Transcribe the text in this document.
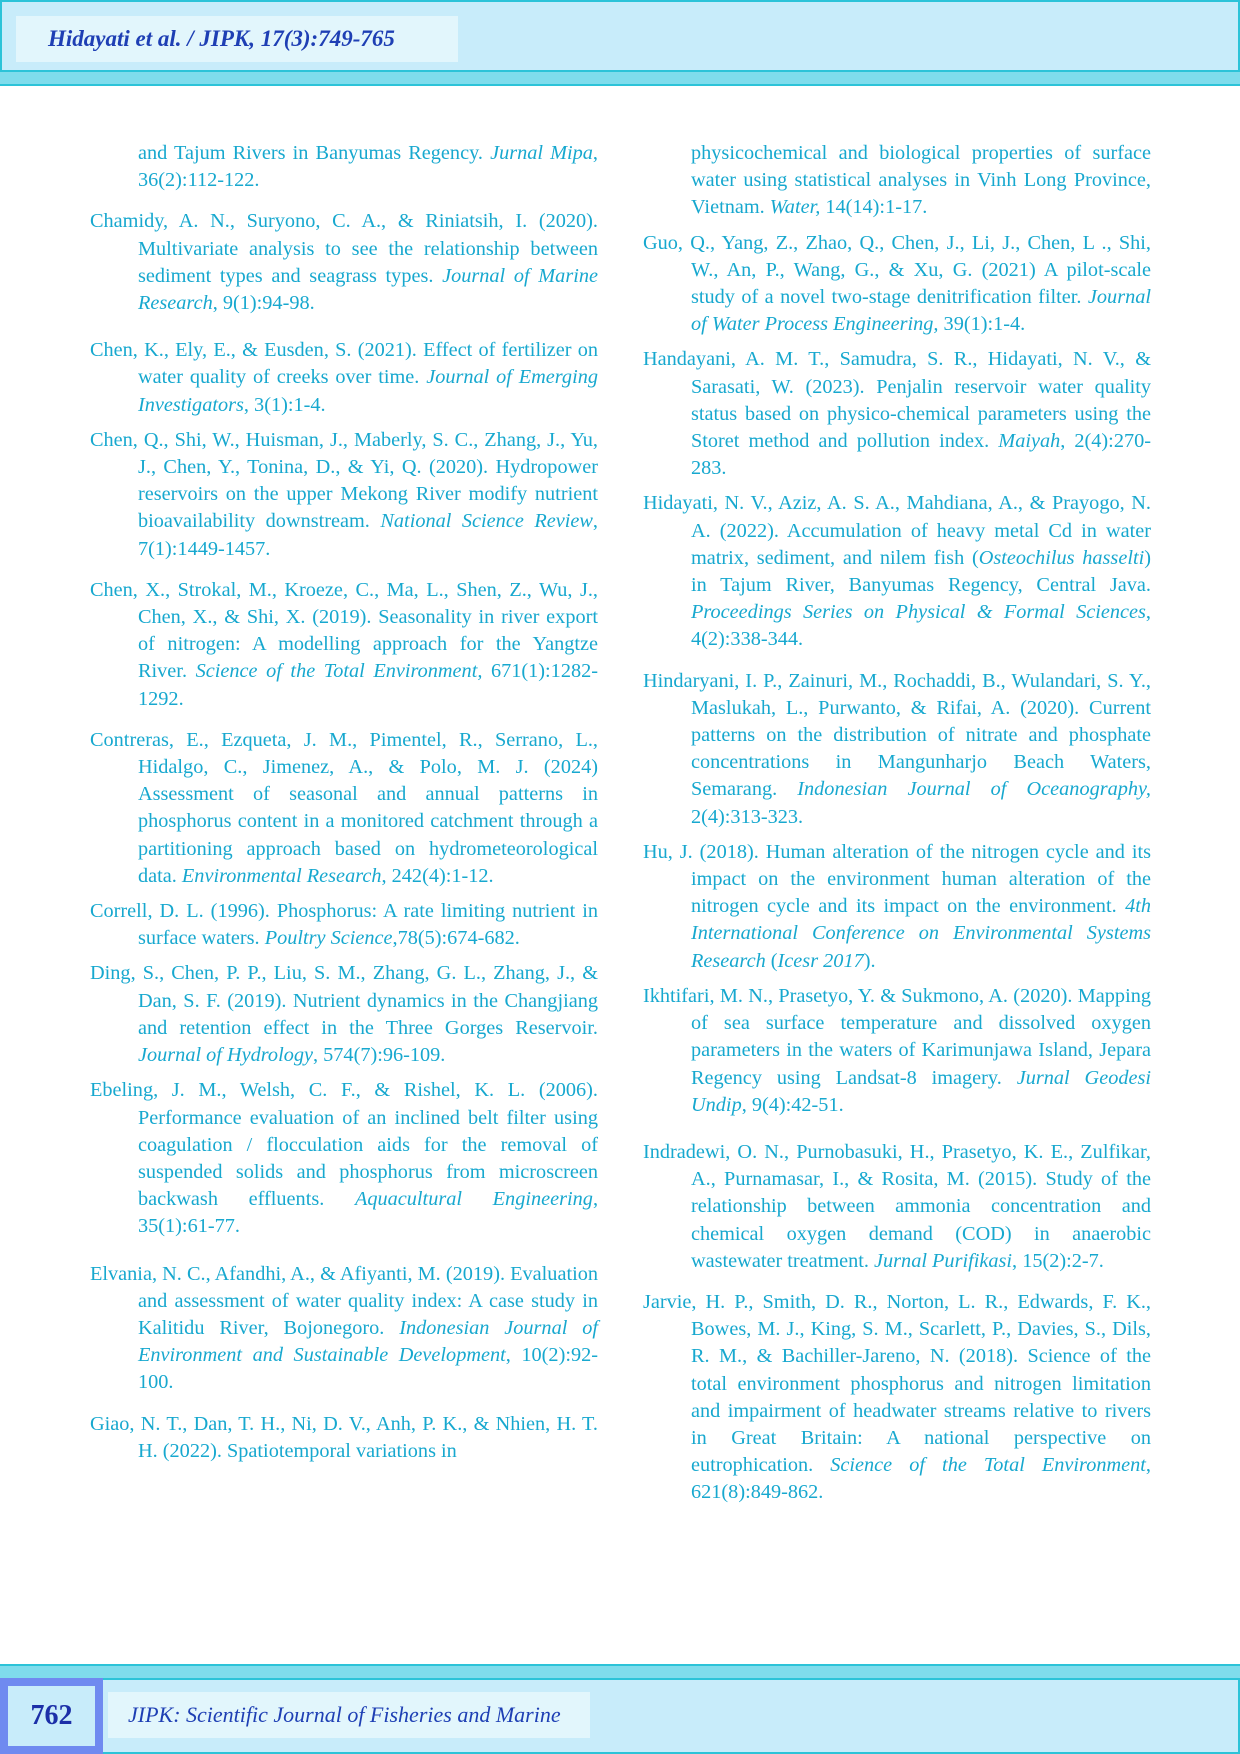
Hidayati et al. / JIPK, 17(3):749-765

and Tajum Rivers in Banyumas Regency. Jurnal Mipa, 36(2):112-122.

Chamidy, A. N., Suryono, C. A., & Riniatsih, I. (2020). Multivariate analysis to see the relationship between sediment types and seagrass types. Journal of Marine Research, 9(1):94-98.

Chen, K., Ely, E., & Eusden, S. (2021). Effect of fertilizer on water quality of creeks over time. Journal of Emerging Investigators, 3(1):1-4.

Chen, Q., Shi, W., Huisman, J., Maberly, S. C., Zhang, J., Yu, J., Chen, Y., Tonina, D., & Yi, Q. (2020). Hydropower reservoirs on the upper Mekong River modify nutrient bioavailability downstream. National Science Review, 7(1):1449-1457.

Chen, X., Strokal, M., Kroeze, C., Ma, L., Shen, Z., Wu, J., Chen, X., & Shi, X. (2019). Seasonality in river export of nitrogen: A modelling approach for the Yangtze River. Science of the Total Environment, 671(1):1282-1292.

Contreras, E., Ezqueta, J. M., Pimentel, R., Serrano, L., Hidalgo, C., Jimenez, A., & Polo, M. J. (2024) Assessment of seasonal and annual patterns in phosphorus content in a monitored catchment through a partitioning approach based on hydrometeorological data. Environmental Research, 242(4):1-12.

Correll, D. L. (1996). Phosphorus: A rate limiting nutrient in surface waters. Poultry Science,78(5):674-682.

Ding, S., Chen, P. P., Liu, S. M., Zhang, G. L., Zhang, J., & Dan, S. F. (2019). Nutrient dynamics in the Changjiang and retention effect in the Three Gorges Reservoir. Journal of Hydrology, 574(7):96-109.

Ebeling, J. M., Welsh, C. F., & Rishel, K. L. (2006). Performance evaluation of an inclined belt filter using coagulation / flocculation aids for the removal of suspended solids and phosphorus from microscreen backwash effluents. Aquacultural Engineering, 35(1):61-77.

Elvania, N. C., Afandhi, A., & Afiyanti, M. (2019). Evaluation and assessment of water quality index: A case study in Kalitidu River, Bojonegoro. Indonesian Journal of Environment and Sustainable Development, 10(2):92-100.

Giao, N. T., Dan, T. H., Ni, D. V., Anh, P. K., & Nhien, H. T. H. (2022). Spatiotemporal variations in

physicochemical and biological properties of surface water using statistical analyses in Vinh Long Province, Vietnam. Water, 14(14):1-17.

Guo, Q., Yang, Z., Zhao, Q., Chen, J., Li, J., Chen, L ., Shi, W., An, P., Wang, G., & Xu, G. (2021) A pilot-scale study of a novel two-stage denitrification filter. Journal of Water Process Engineering, 39(1):1-4.

Handayani, A. M. T., Samudra, S. R., Hidayati, N. V., & Sarasati, W. (2023). Penjalin reservoir water quality status based on physico-chemical parameters using the Storet method and pollution index. Maiyah, 2(4):270-283.

Hidayati, N. V., Aziz, A. S. A., Mahdiana, A., & Prayogo, N. A. (2022). Accumulation of heavy metal Cd in water matrix, sediment, and nilem fish (Osteochilus hasselti) in Tajum River, Banyumas Regency, Central Java. Proceedings Series on Physical & Formal Sciences, 4(2):338-344.

Hindaryani, I. P., Zainuri, M., Rochaddi, B., Wulandari, S. Y., Maslukah, L., Purwanto, & Rifai, A. (2020). Current patterns on the distribution of nitrate and phosphate concentrations in Mangunharjo Beach Waters, Semarang. Indonesian Journal of Oceanography, 2(4):313-323.

Hu, J. (2018). Human alteration of the nitrogen cycle and its impact on the environment human alteration of the nitrogen cycle and its impact on the environment. 4th International Conference on Environmental Systems Research (Icesr 2017).

Ikhtifari, M. N., Prasetyo, Y. & Sukmono, A. (2020). Mapping of sea surface temperature and dissolved oxygen parameters in the waters of Karimunjawa Island, Jepara Regency using Landsat-8 imagery. Jurnal Geodesi Undip, 9(4):42-51.

Indradewi, O. N., Purnobasuki, H., Prasetyo, K. E., Zulfikar, A., Purnamasar, I., & Rosita, M. (2015). Study of the relationship between ammonia concentration and chemical oxygen demand (COD) in anaerobic wastewater treatment. Jurnal Purifikasi, 15(2):2-7.

Jarvie, H. P., Smith, D. R., Norton, L. R., Edwards, F. K., Bowes, M. J., King, S. M., Scarlett, P., Davies, S., Dils, R. M., & Bachiller-Jareno, N. (2018). Science of the total environment phosphorus and nitrogen limitation and impairment of headwater streams relative to rivers in Great Britain: A national perspective on eutrophication. Science of the Total Environment, 621(8):849-862.

762	JIPK: Scientific Journal of Fisheries and Marine
